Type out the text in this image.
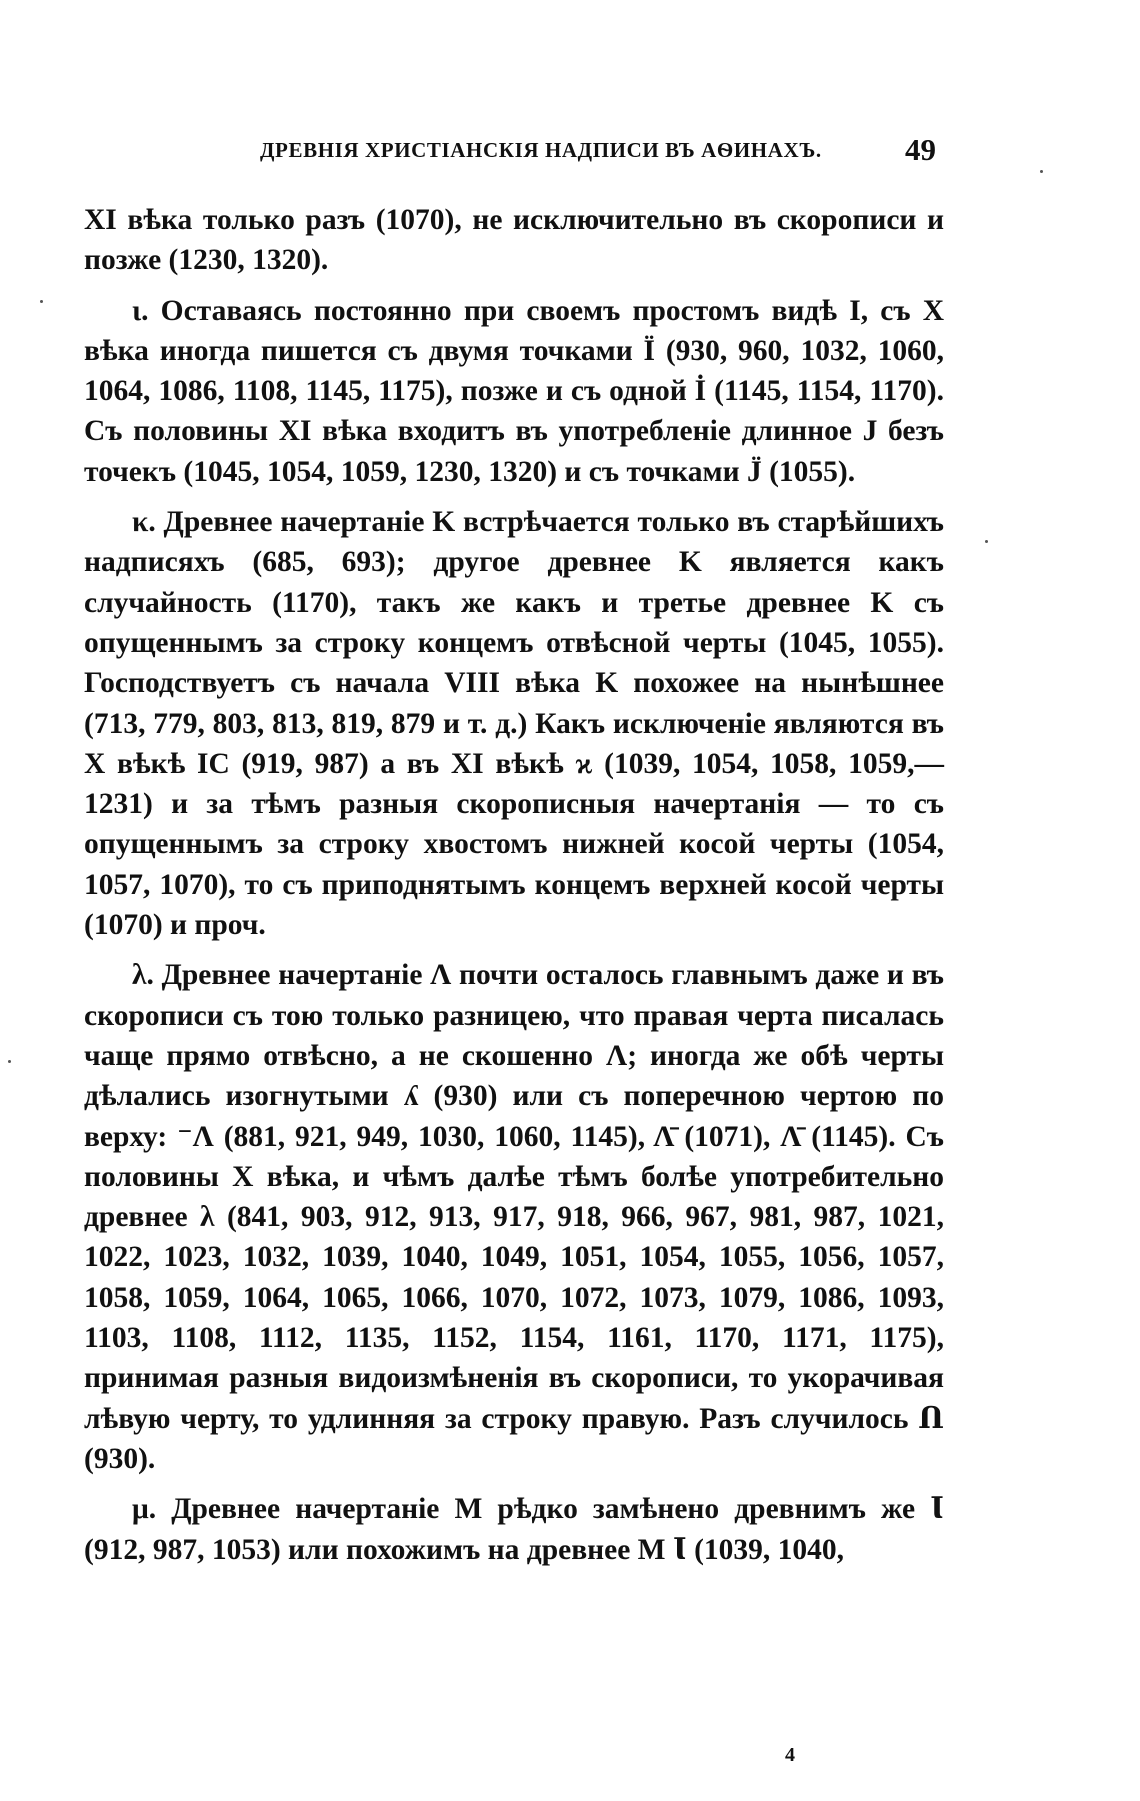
ДРЕВНІЯ ХРИСТІАНСКІЯ НАДПИСИ ВЪ АѲИНАХЪ.	49

XI вѣка только разъ (1070), не исключительно въ скорописи и позже (1230, 1320).

ι. Оставаясь постоянно при своемъ простомъ видѣ I, съ X вѣка иногда пишется съ двумя точками Ï (930, 960, 1032, 1060, 1064, 1086, 1108, 1145, 1175), позже и съ одной İ (1145, 1154, 1170). Съ половины XI вѣка входитъ въ употребленіе длинное J безъ точекъ (1045, 1054, 1059, 1230, 1320) и съ точками J̈ (1055).

κ. Древнее начертаніе K встрѣчается только въ старѣйшихъ надписяхъ (685, 693); другое древнее K является какъ случайность (1170), такъ же какъ и третье древнее K съ опущеннымъ за строку концемъ отвѣсной черты (1045, 1055). Господствуетъ съ начала VIII вѣка K похожее на нынѣшнее (713, 779, 803, 813, 819, 879 и т. д.) Какъ исключеніе являются въ X вѣкѣ IC (919, 987) а въ XI вѣкѣ ϰ (1039, 1054, 1058, 1059,— 1231) и за тѣмъ разныя скорописныя начертанія — то съ опущеннымъ за строку хвостомъ нижней косой черты (1054, 1057, 1070), то съ приподнятымъ концемъ верхней косой черты (1070) и проч.

λ. Древнее начертаніе Λ почти осталось главнымъ даже и въ скорописи съ тою только разницею, что правая черта писалась чаще прямо отвѣсно, а не скошенно Ʌ; иногда же обѣ черты дѣлались изогнутыми ʎ (930) или съ поперечною чертою по верху: ⁻Λ (881, 921, 949, 1030, 1060, 1145), Λ̄ (1071), Ʌ̄ (1145). Съ половины X вѣка, и чѣмъ далѣе тѣмъ болѣе употребительно древнее λ (841, 903, 912, 913, 917, 918, 966, 967, 981, 987, 1021, 1022, 1023, 1032, 1039, 1040, 1049, 1051, 1054, 1055, 1056, 1057, 1058, 1059, 1064, 1065, 1066, 1070, 1072, 1073, 1079, 1086, 1093, 1103, 1108, 1112, 1135, 1152, 1154, 1161, 1170, 1171, 1175), принимая разныя видоизмѣненія въ скорописи, то укорачивая лѣвую черту, то удлинняя за строку правую. Разъ случилось Ո (930).

μ. Древнее начертаніе M рѣдко замѣнено древнимъ же Ꙇ (912, 987, 1053) или похожимъ на древнее M Ꙇ (1039, 1040,

4
